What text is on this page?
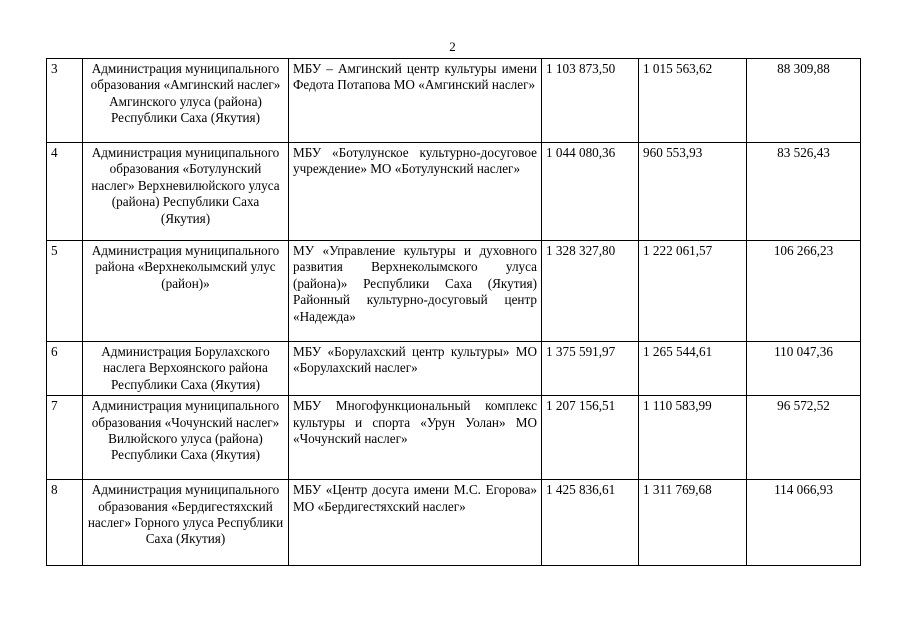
2
3	Администрация муниципального образования «Амгинский наслег» Амгинского улуса (района) Республики Саха (Якутия)	МБУ – Амгинский центр культуры имени Федота Потапова МО «Амгинский наслег»	1 103 873,50	1 015 563,62	88 309,88
4	Администрация муниципального образования «Ботулунский наслег» Верхневилюйского улуса (района) Республики Саха (Якутия)	МБУ «Ботулунское культурно-досуговое учреждение» МО «Ботулунский наслег»	1 044 080,36	960 553,93	83 526,43
5	Администрация муниципального района «Верхнеколымский улус (район)»	МУ «Управление культуры и духовного развития Верхнеколымского улуса (района)» Республики Саха (Якутия) Районный культурно-досуговый центр «Надежда»	1 328 327,80	1 222 061,57	106 266,23
6	Администрация Борулахского наслега Верхоянского района Республики Саха (Якутия)	МБУ «Борулахский центр культуры» МО «Борулахский наслег»	1 375 591,97	1 265 544,61	110 047,36
7	Администрация муниципального образования «Чочунский наслег» Вилюйского улуса (района) Республики Саха (Якутия)	МБУ Многофункциональный комплекс культуры и спорта «Урун Уолан» МО «Чочунский наслег»	1 207 156,51	1 110 583,99	96 572,52
8	Администрация муниципального образования «Бердигестяхский наслег» Горного улуса Республики Саха (Якутия)	МБУ «Центр досуга имени М.С. Егорова» МО «Бердигестяхский наслег»	1 425 836,61	1 311 769,68	114 066,93
